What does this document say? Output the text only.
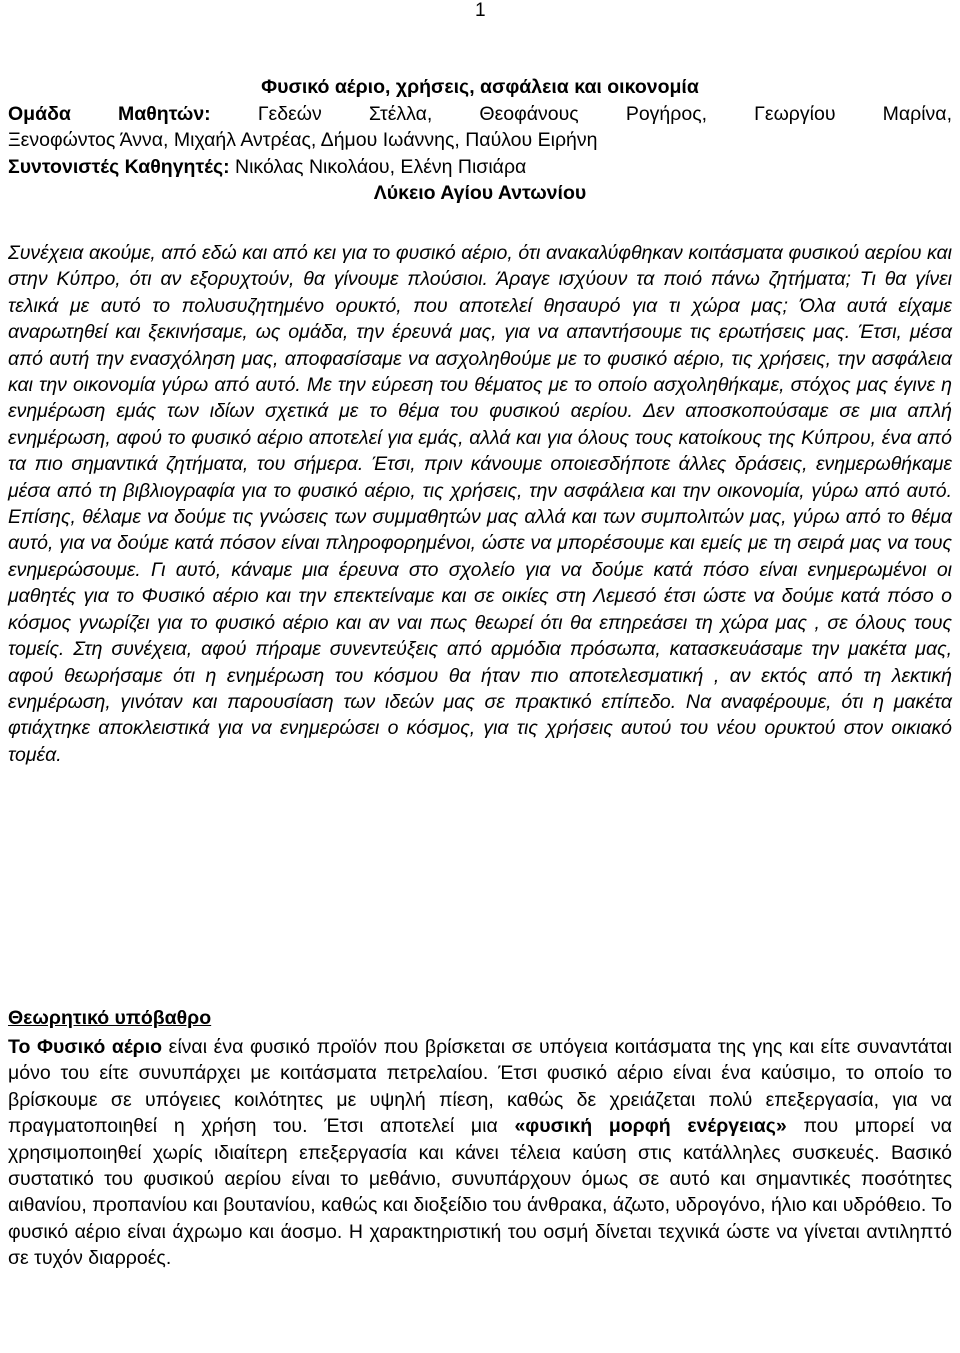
1
Φυσικό αέριο, χρήσεις, ασφάλεια και οικονομία
Ομάδα Μαθητών: Γεδεών Στέλλα, Θεοφάνους Ρογήρος, Γεωργίου Μαρίνα,
Ξενοφώντος Άννα, Μιχαήλ Αντρέας, Δήμου Ιωάννης, Παύλου Ειρήνη
Συντονιστές Καθηγητές: Νικόλας Νικολάου, Ελένη Πισιάρα
Λύκειο Αγίου Αντωνίου

Συνέχεια ακούμε, από εδώ και από κει για το φυσικό αέριο, ότι ανακαλύφθηκαν κοιτάσματα φυσικού αερίου και στην Κύπρο, ότι αν εξορυχτούν, θα γίνουμε πλούσιοι. Άραγε ισχύουν τα ποιό πάνω ζητήματα; Τι θα γίνει τελικά με αυτό το πολυσυζητημένο ορυκτό, που αποτελεί θησαυρό για τι χώρα μας; Όλα αυτά είχαμε αναρωτηθεί και ξεκινήσαμε, ως ομάδα, την έρευνά μας, για να απαντήσουμε τις ερωτήσεις μας. Έτσι, μέσα από αυτή την ενασχόληση μας, αποφασίσαμε να ασχοληθούμε με το φυσικό αέριο, τις χρήσεις, την ασφάλεια και την οικονομία γύρω από αυτό. Με την εύρεση του θέματος με το οποίο ασχοληθήκαμε, στόχος μας έγινε η ενημέρωση εμάς των ιδίων σχετικά με το θέμα του φυσικού αερίου. Δεν αποσκοπούσαμε σε μια απλή ενημέρωση, αφού το φυσικό αέριο αποτελεί για εμάς, αλλά και για όλους τους κατοίκους της Κύπρου, ένα από τα πιο σημαντικά ζητήματα, του σήμερα. Έτσι, πριν κάνουμε οποιεσδήποτε άλλες δράσεις, ενημερωθήκαμε μέσα από τη βιβλιογραφία για το φυσικό αέριο, τις χρήσεις, την ασφάλεια και την οικονομία, γύρω από αυτό. Επίσης, θέλαμε να δούμε τις γνώσεις των συμμαθητών μας αλλά και των συμπολιτών μας, γύρω από το θέμα αυτό, για να δούμε κατά πόσον είναι πληροφορημένοι, ώστε να μπορέσουμε και εμείς με τη σειρά μας να τους ενημερώσουμε. Γι αυτό, κάναμε μια έρευνα στο σχολείο για να δούμε κατά πόσο είναι ενημερωμένοι οι μαθητές για το Φυσικό αέριο και την επεκτείναμε και σε οικίες στη Λεμεσό έτσι ώστε να δούμε κατά πόσο ο κόσμος γνωρίζει για το φυσικό αέριο και αν ναι πως θεωρεί ότι θα επηρεάσει τη χώρα μας , σε όλους τους τομείς. Στη συνέχεια, αφού πήραμε συνεντεύξεις από αρμόδια πρόσωπα, κατασκευάσαμε την μακέτα μας, αφού θεωρήσαμε ότι η ενημέρωση του κόσμου θα ήταν πιο αποτελεσματική , αν εκτός από τη λεκτική ενημέρωση, γινόταν και παρουσίαση των ιδεών μας σε πρακτικό επίπεδο. Να αναφέρουμε, ότι η μακέτα φτιάχτηκε αποκλειστικά για να ενημερώσει ο κόσμος, για τις χρήσεις αυτού του νέου ορυκτού στον οικιακό τομέα.

Θεωρητικό υπόβαθρο

Το Φυσικό αέριο είναι ένα φυσικό προϊόν που βρίσκεται σε υπόγεια κοιτάσματα της γης και είτε συναντάται μόνο του είτε συνυπάρχει με κοιτάσματα πετρελαίου. Έτσι φυσικό αέριο είναι ένα καύσιμο, το οποίο το βρίσκουμε σε υπόγειες κοιλότητες με υψηλή πίεση, καθώς δε χρειάζεται πολύ επεξεργασία, για να πραγματοποιηθεί η χρήση του. Έτσι αποτελεί μια «φυσική μορφή ενέργειας» που μπορεί να χρησιμοποιηθεί χωρίς ιδιαίτερη επεξεργασία και κάνει τέλεια καύση στις κατάλληλες συσκευές. Βασικό συστατικό του φυσικού αερίου είναι το μεθάνιο, συνυπάρχουν όμως σε αυτό και σημαντικές ποσότητες αιθανίου, προπανίου και βουτανίου, καθώς και διοξείδιο του άνθρακα, άζωτο, υδρογόνο, ήλιο και υδρόθειο. Το φυσικό αέριο είναι άχρωμο και άοσμο. Η χαρακτηριστική του οσμή δίνεται τεχνικά ώστε να γίνεται αντιληπτό σε τυχόν διαρροές.
